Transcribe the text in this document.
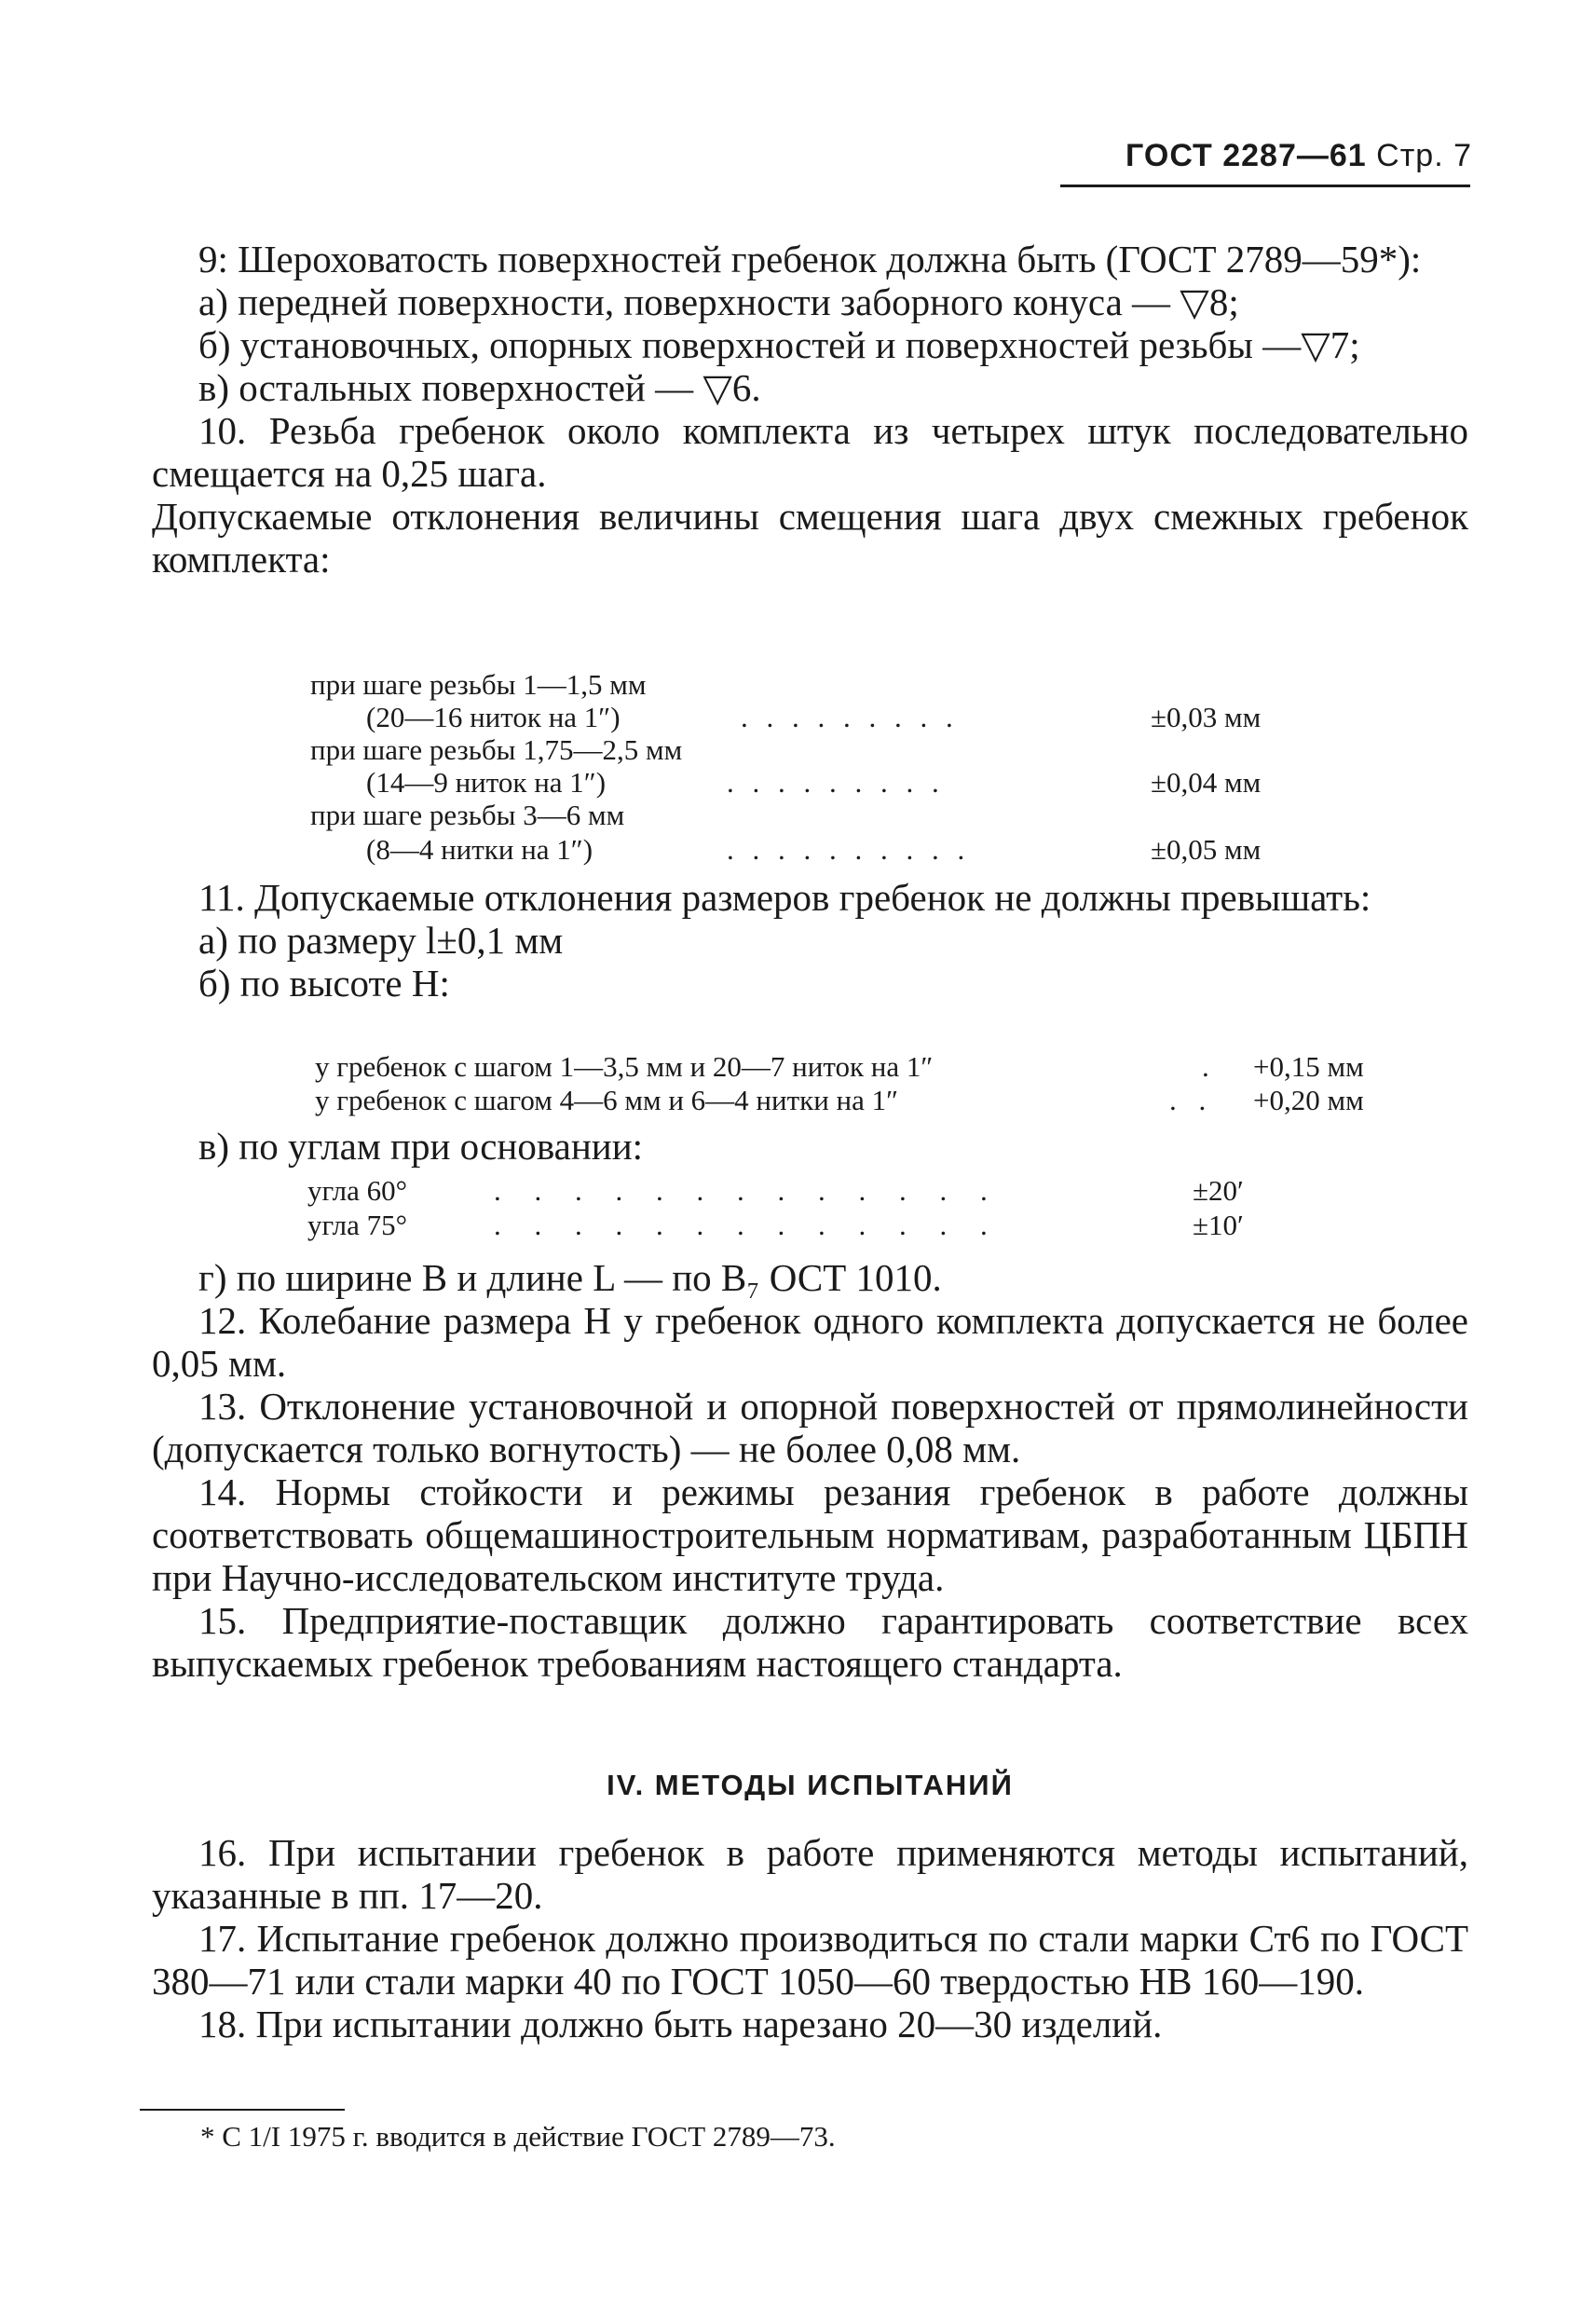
ГОСТ 2287—61 Стр. 7

9: Шероховатость поверхностей гребенок должна быть (ГОСТ 2789—59*):

а) передней поверхности, поверхности заборного конуса — ▽8;

б) установочных, опорных поверхностей и поверхностей резьбы —▽7;

в) остальных поверхностей — ▽6.

10. Резьба гребенок около комплекта из четырех штук последовательно смещается на 0,25 шага.

Допускаемые отклонения величины смещения шага двух смежных гребенок комплекта:

при шаге резьбы 1—1,5 мм
(20—16 ниток на 1″)	. . . . . . . . .	±0,03 мм
при шаге резьбы 1,75—2,5 мм
(14—9 ниток на 1″)	. . . . . . . . .	±0,04 мм
при шаге резьбы 3—6 мм
(8—4 нитки на 1″)	. . . . . . . . . .	±0,05 мм

11. Допускаемые отклонения размеров гребенок не должны превышать:

а) по размеру l±0,1 мм

б) по высоте H:

у гребенок с шагом 1—3,5 мм и 20—7 ниток на 1″	. +0,15 мм
у гребенок с шагом 4—6 мм и 6—4 нитки на 1″	. . +0,20 мм

в) по углам при основании:

угла 60°	. . . . . . . . . . . . .	±20′
угла 75°	. . . . . . . . . . . . .	±10′

г) по ширине B и длине L — по B₇ ОСТ 1010.

12. Колебание размера H у гребенок одного комплекта допускается не более 0,05 мм.

13. Отклонение установочной и опорной поверхностей от прямолинейности (допускается только вогнутость) — не более 0,08 мм.

14. Нормы стойкости и режимы резания гребенок в работе должны соответствовать общемашиностроительным нормативам, разработанным ЦБПН при Научно-исследовательском институте труда.

15. Предприятие-поставщик должно гарантировать соответствие всех выпускаемых гребенок требованиям настоящего стандарта.

IV. МЕТОДЫ ИСПЫТАНИЙ

16. При испытании гребенок в работе применяются методы испытаний, указанные в пп. 17—20.

17. Испытание гребенок должно производиться по стали марки Ст6 по ГОСТ 380—71 или стали марки 40 по ГОСТ 1050—60 твердостью НВ 160—190.

18. При испытании должно быть нарезано 20—30 изделий.

* С 1/I 1975 г. вводится в действие ГОСТ 2789—73.
